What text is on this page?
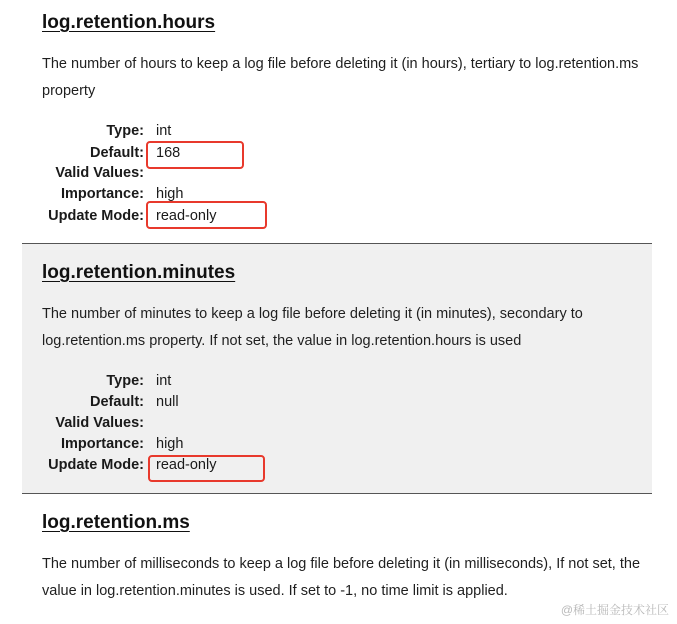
log.retention.hours

The number of hours to keep a log file before deleting it (in hours), tertiary to log.retention.ms property

Type: int
Default: 168
Valid Values:
Importance: high
Update Mode: read-only
log.retention.minutes

The number of minutes to keep a log file before deleting it (in minutes), secondary to log.retention.ms property. If not set, the value in log.retention.hours is used

Type: int
Default: null
Valid Values:
Importance: high
Update Mode: read-only
log.retention.ms

The number of milliseconds to keep a log file before deleting it (in milliseconds), If not set, the value in log.retention.minutes is used. If set to -1, no time limit is applied.

@稀土掘金技术社区
